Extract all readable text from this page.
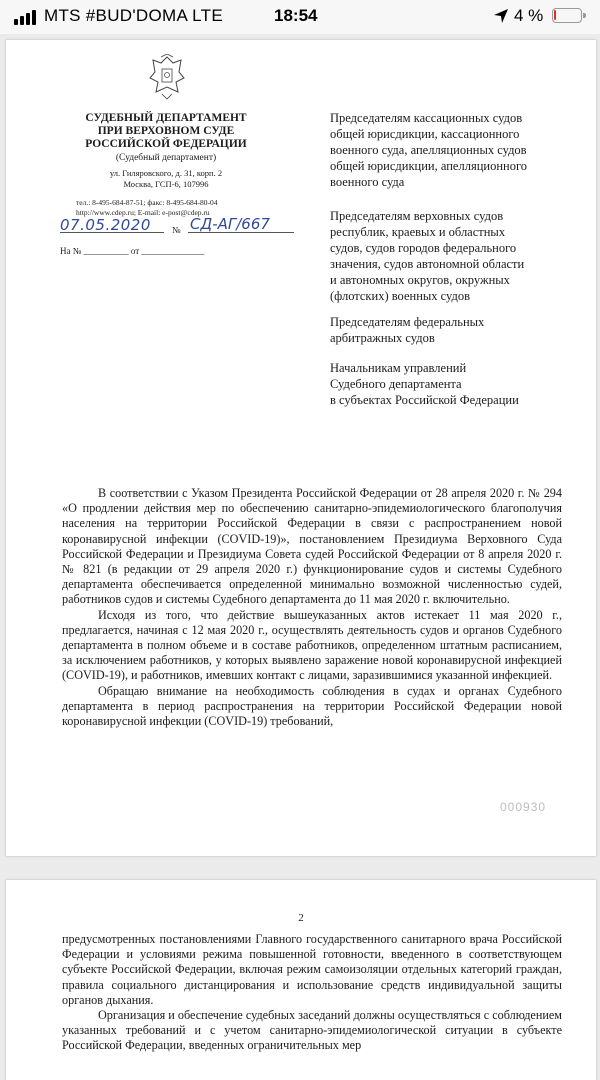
MTS #BUD'DOMA LTE	18:54	4 %
СУДЕБНЫЙ ДЕПАРТАМЕНТ
ПРИ ВЕРХОВНОМ СУДЕ
РОССИЙСКОЙ ФЕДЕРАЦИИ
(Судебный департамент)
ул. Гиляровского, д. 31, корп. 2
Москва, ГСП-6, 107996
тел.: 8-495-684-87-51; факс: 8-495-684-80-04
http://www.cdep.ru; E-mail: e-post@cdep.ru
07.05.2020 № СД-АГ/667
На № __________ от ______________
Председателям кассационных судов
общей юрисдикции, кассационного
военного суда, апелляционных судов
общей юрисдикции, апелляционного
военного суда
Председателям верховных судов
республик, краевых и областных
судов, судов городов федерального
значения, судов автономной области
и автономных округов, окружных
(флотских) военных судов
Председателям федеральных
арбитражных судов
Начальникам управлений
Судебного департамента
в субъектах Российской Федерации

В соответствии с Указом Президента Российской Федерации от 28 апреля 2020 г. № 294 «О продлении действия мер по обеспечению санитарно-эпидемиологического благополучия населения на территории Российской Федерации в связи с распространением новой коронавирусной инфекции (COVID-19)», постановлением Президиума Верховного Суда Российской Федерации и Президиума Совета судей Российской Федерации от 8 апреля 2020 г. № 821 (в редакции от 29 апреля 2020 г.) функционирование судов и системы Судебного департамента обеспечивается определенной минимально возможной численностью судей, работников судов и системы Судебного департамента до 11 мая 2020 г. включительно.

Исходя из того, что действие вышеуказанных актов истекает 11 мая 2020 г., предлагается, начиная с 12 мая 2020 г., осуществлять деятельность судов и органов Судебного департамента в полном объеме и в составе работников, определенном штатным расписанием, за исключением работников, у которых выявлено заражение новой коронавирусной инфекцией (COVID-19), и работников, имевших контакт с лицами, заразившимися указанной инфекцией.

Обращаю внимание на необходимость соблюдения в судах и органах Судебного департамента в период распространения на территории Российской Федерации новой коронавирусной инфекции (COVID-19) требований,

000930
2

предусмотренных постановлениями Главного государственного санитарного врача Российской Федерации и условиями режима повышенной готовности, введенного в соответствующем субъекте Российской Федерации, включая режим самоизоляции отдельных категорий граждан, правила социального дистанцирования и использование средств индивидуальной защиты органов дыхания.

Организация и обеспечение судебных заседаний должны осуществляться с соблюдением указанных требований и с учетом санитарно-эпидемиологической ситуации в субъекте Российской Федерации, введенных ограничительных мер
